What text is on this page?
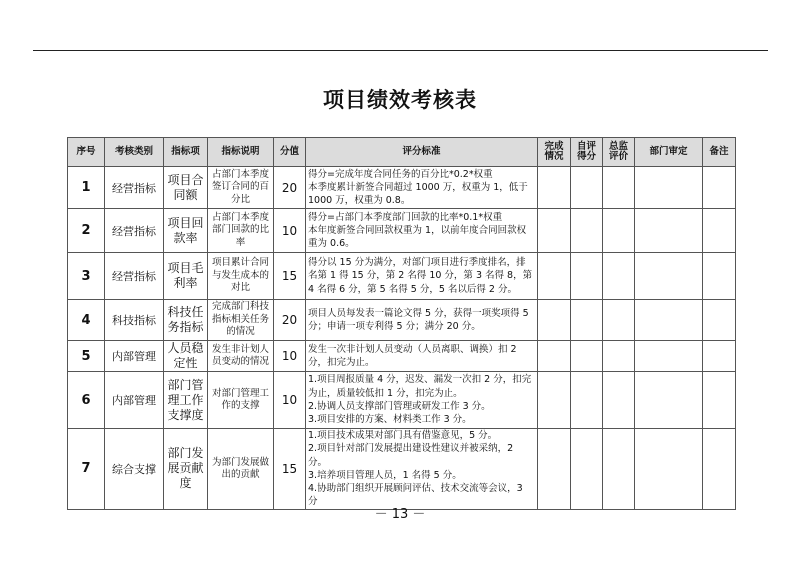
项目绩效考核表
序号	考核类别	指标项	指标说明	分值	评分标准	完成情况	自评得分	总监评价	部门审定	备注
1	经营指标	项目合同额	占部门本季度签订合同的百分比	20	得分=完成年度合同任务的百分比*0.2*权重
本季度累计新签合同超过 1000 万，权重为 1，低于 1000 万，权重为 0.8。					
2	经营指标	项目回款率	占部门本季度部门回款的比率	10	得分=占部门本季度部门回款的比率*0.1*权重
本年度新签合同回款权重为 1，以前年度合同回款权重为 0.6。					
3	经营指标	项目毛利率	项目累计合同与发生成本的对比	15	得分以 15 分为满分，对部门项目进行季度排名，排名第 1 得 15 分，第 2 名得 10 分，第 3 名得 8，第 4 名得 6 分，第 5 名得 5 分，5 名以后得 2 分。					
4	科技指标	科技任务指标	完成部门科技指标相关任务的情况	20	项目人员每发表一篇论文得 5 分，获得一项奖项得 5 分；申请一项专利得 5 分；满分 20 分。					
5	内部管理	人员稳定性	发生非计划人员变动的情况	10	发生一次非计划人员变动（人员离职、调换）扣 2 分，扣完为止。					
6	内部管理	部门管理工作支撑度	对部门管理工作的支撑	10	1.项目周报质量 4 分，迟发、漏发一次扣 2 分，扣完为止，质量较低扣 1 分，扣完为止。
2.协调人员支撑部门管理或研发工作 3 分。
3.项目安排的方案、材料类工作 3 分。					
7	综合支撑	部门发展贡献度	为部门发展做出的贡献	15	1.项目技术成果对部门具有借鉴意见，5 分。
2.项目针对部门发展提出建设性建议并被采纳，2 分。
3.培养项目管理人员，1 名得 5 分。
4.协助部门组织开展顾问评估、技术交流等会议，3 分					
－ 13 －
